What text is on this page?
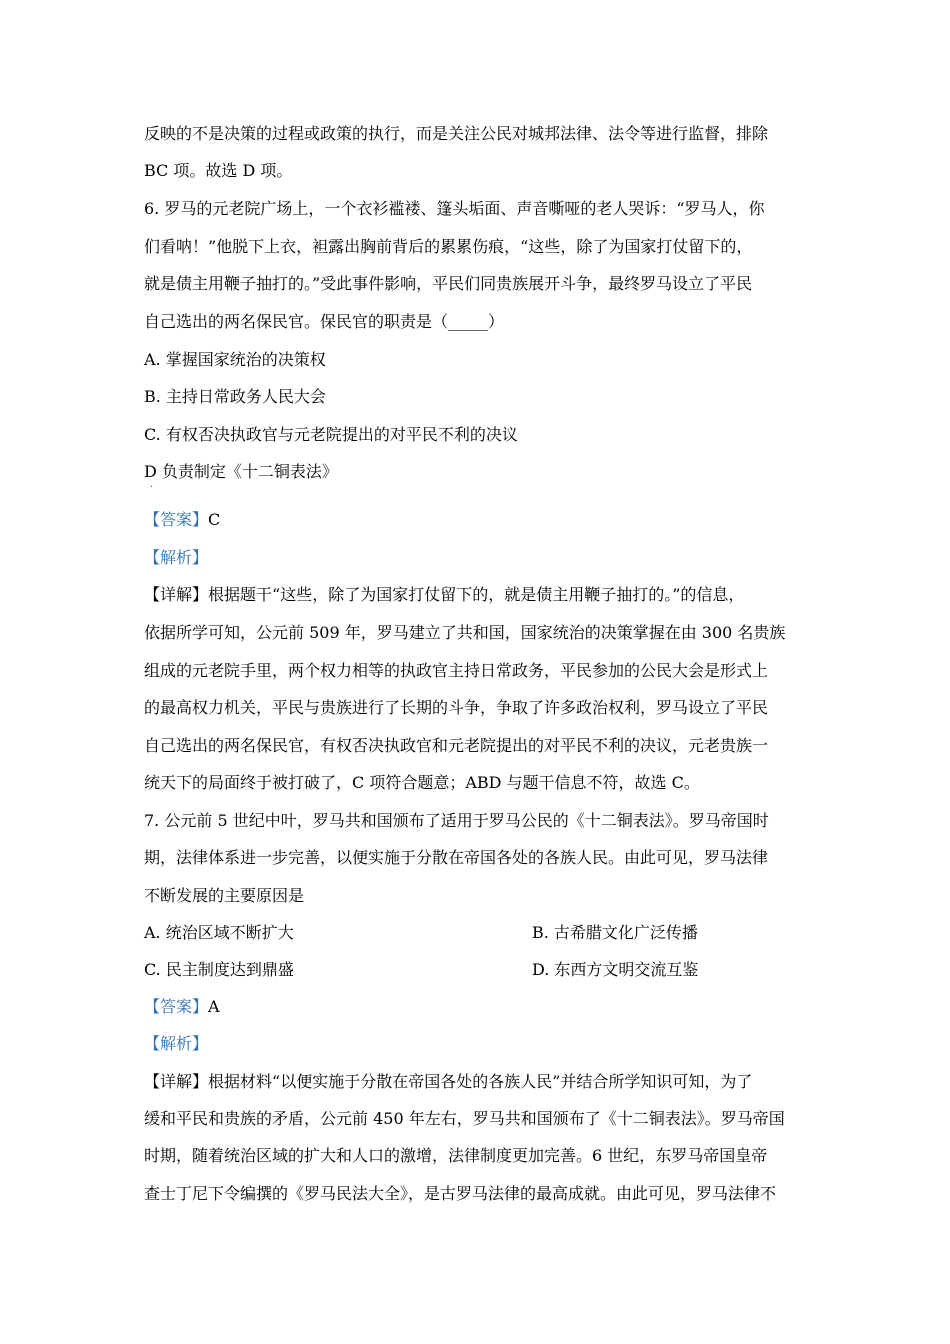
反映的不是决策的过程或政策的执行，而是关注公民对城邦法律、法令等进行监督，排除
BC 项。故选 D 项。
6. 罗马的元老院广场上，一个衣衫褴褛、篷头垢面、声音嘶哑的老人哭诉：“罗马人，你
们看呐！”他脱下上衣，袒露出胸前背后的累累伤痕，“这些，除了为国家打仗留下的，
就是债主用鞭子抽打的。”受此事件影响，平民们同贵族展开斗争，最终罗马设立了平民
自己选出的两名保民官。保民官的职责是（_____）
A. 掌握国家统治的决策权
B. 主持日常政务人民大会
C. 有权否决执政官与元老院提出的对平民不利的决议
D 负责制定《十二铜表法》
·
【答案】C
【解析】
【详解】根据题干“这些，除了为国家打仗留下的，就是债主用鞭子抽打的。”的信息，
依据所学可知，公元前 509 年，罗马建立了共和国，国家统治的决策掌握在由 300 名贵族
组成的元老院手里，两个权力相等的执政官主持日常政务，平民参加的公民大会是形式上
的最高权力机关，平民与贵族进行了长期的斗争，争取了许多政治权利，罗马设立了平民
自己选出的两名保民官，有权否决执政官和元老院提出的对平民不利的决议，元老贵族一
统天下的局面终于被打破了，C 项符合题意；ABD 与题干信息不符，故选 C。
7. 公元前 5 世纪中叶，罗马共和国颁布了适用于罗马公民的《十二铜表法》。罗马帝国时
期，法律体系进一步完善，以便实施于分散在帝国各处的各族人民。由此可见，罗马法律
不断发展的主要原因是
A. 统治区域不断扩大	B. 古希腊文化广泛传播
C. 民主制度达到鼎盛	D. 东西方文明交流互鉴
【答案】A
【解析】
【详解】根据材料“以便实施于分散在帝国各处的各族人民”并结合所学知识可知，为了
缓和平民和贵族的矛盾，公元前 450 年左右，罗马共和国颁布了《十二铜表法》。罗马帝国
时期，随着统治区域的扩大和人口的激增，法律制度更加完善。6 世纪，东罗马帝国皇帝
查士丁尼下令编撰的《罗马民法大全》，是古罗马法律的最高成就。由此可见，罗马法律不
